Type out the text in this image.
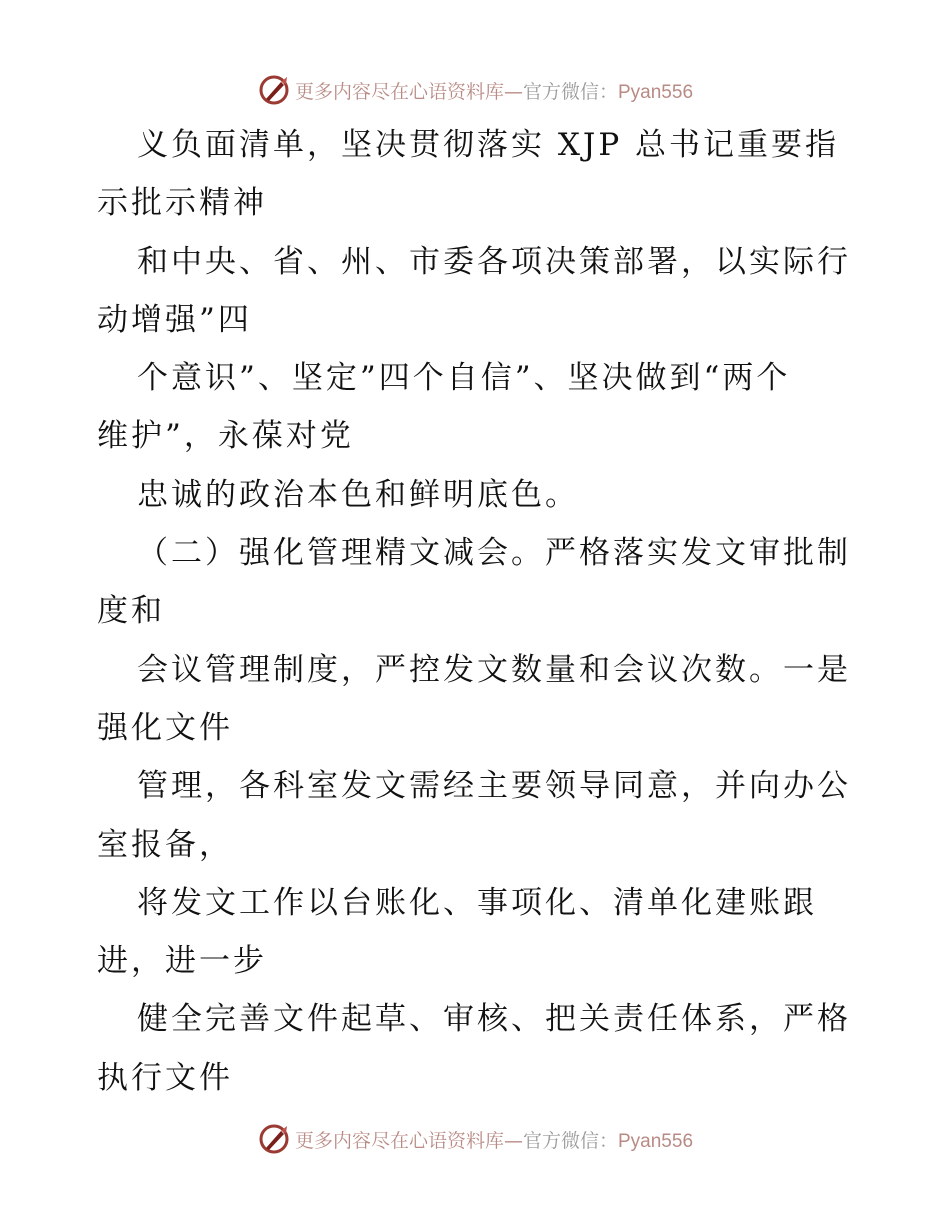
更多内容尽在心语资料库—官方微信：Pyan556
义负面清单，坚决贯彻落实 XJP 总书记重要指
示批示精神
和中央、省、州、市委各项决策部署，以实际行
动增强”四
个意识”、坚定”四个自信”、坚决做到“两个
维护”，永葆对党
忠诚的政治本色和鲜明底色。
（二）强化管理精文减会。严格落实发文审批制
度和
会议管理制度，严控发文数量和会议次数。一是
强化文件
管理，各科室发文需经主要领导同意，并向办公
室报备，
将发文工作以台账化、事项化、清单化建账跟
进，进一步
健全完善文件起草、审核、把关责任体系，严格
执行文件
更多内容尽在心语资料库—官方微信：Pyan556
